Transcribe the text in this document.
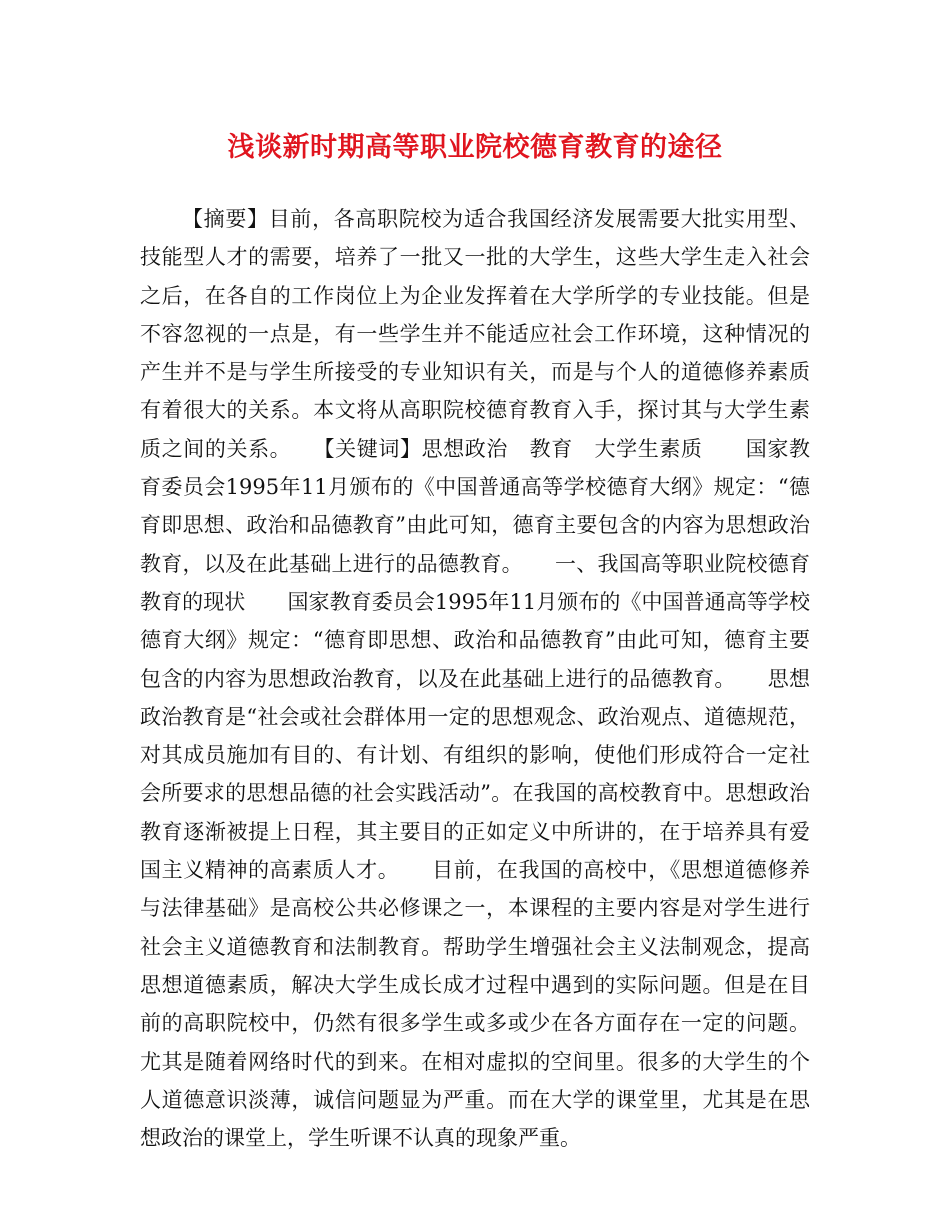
浅谈新时期高等职业院校德育教育的途径

【摘要】目前，各高职院校为适合我国经济发展需要大批实用型、技能型人才的需要，培养了一批又一批的大学生，这些大学生走入社会之后，在各自的工作岗位上为企业发挥着在大学所学的专业技能。但是不容忽视的一点是，有一些学生并不能适应社会工作环境，这种情况的产生并不是与学生所接受的专业知识有关，而是与个人的道德修养素质有着很大的关系。本文将从高职院校德育教育入手，探讨其与大学生素质之间的关系。　　【关键词】思想政治　教育　大学生素质　　国家教育委员会1995年11月颁布的《中国普通高等学校德育大纲》规定：“德育即思想、政治和品德教育”由此可知，德育主要包含的内容为思想政治教育，以及在此基础上进行的品德教育。　　一、我国高等职业院校德育教育的现状　　国家教育委员会1995年11月颁布的《中国普通高等学校德育大纲》规定：“德育即思想、政治和品德教育”由此可知，德育主要包含的内容为思想政治教育，以及在此基础上进行的品德教育。　　思想政治教育是“社会或社会群体用一定的思想观念、政治观点、道德规范，对其成员施加有目的、有计划、有组织的影响，使他们形成符合一定社会所要求的思想品德的社会实践活动”。在我国的高校教育中。思想政治教育逐渐被提上日程，其主要目的正如定义中所讲的，在于培养具有爱国主义精神的高素质人才。　　目前，在我国的高校中，《思想道德修养与法律基础》是高校公共必修课之一，本课程的主要内容是对学生进行社会主义道德教育和法制教育。帮助学生增强社会主义法制观念，提高思想道德素质，解决大学生成长成才过程中遇到的实际问题。但是在目前的高职院校中，仍然有很多学生或多或少在各方面存在一定的问题。尤其是随着网络时代的到来。在相对虚拟的空间里。很多的大学生的个人道德意识淡薄，诚信问题显为严重。而在大学的课堂里，尤其是在思想政治的课堂上，学生听课不认真的现象严重。
